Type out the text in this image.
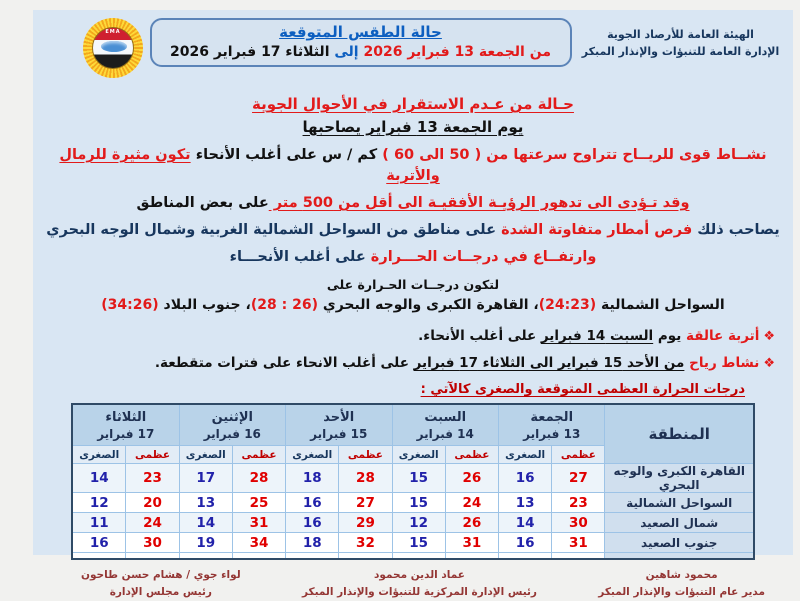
الهيئة العامة للأرصاد الجوية
الإدارة العامة للتنبؤات والإنذار المبكر
حالة الطقس المتوقعة
من الجمعة 13 فبراير 2026 إلى الثلاثاء 17 فبراير 2026
EMA
حـالة من عـدم الاستقرار في الأحوال الجوية
يوم الجمعة 13 فبراير يصاحبها
نشــاط قوى للريــاح تتراوح سرعتها من ( 50 الى 60 ) كم / س على أغلب الأنحاء تكون مثيرة للرمال والأتربة
وقد تـؤدى الى تدهور الرؤيـة الأفقيـة الى أقل من 500 متر على بعض المناطق
يصاحب ذلك فرص أمطار متفاوتة الشدة على مناطق من السواحل الشمالية الغربية وشمال الوجه البحري
وارتفــاع في درجــات الحـــرارة على أغلب الأنحـــاء
لتكون درجــات الحـرارة على
السواحل الشمالية (24:23)، القاهرة الكبرى والوجه البحري (26 : 28)، جنوب البلاد (34:26)
❖أتربة عالقة يوم السبت 14 فبراير على أغلب الأنحاء.
❖نشاط رياح من الأحد 15 فبراير الى الثلاثاء 17 فبراير على أغلب الانحاء على فترات متقطعة.
درجات الحرارة العظمى المتوقعة والصغرى كالآتي :
المنطقة	
الجمعة
13 فبراير

السبت
14 فبراير

الأحد
15 فبراير

الإثنين
16 فبراير

الثلاثاء
17 فبراير

	عظمى	الصغرى	عظمى	الصغرى	عظمى	الصغرى	عظمى	الصغرى	عظمى	الصغرى
القاهرة الكبرى والوجه البحري	27	16	26	15	28	18	28	17	23	14
السواحل الشمالية	23	13	24	15	27	16	25	13	20	12
شمال الصعيد	30	14	26	12	29	16	31	14	24	11
جنوب الصعيد	31	16	31	15	32	18	34	19	30	16

محمود شاهين
مدير عام التنبؤات والإنذار المبكر
عماد الدين محمود
رئيس الإدارة المركزية للتنبؤات والإنذار المبكر
لواء جوي / هشام حسن طاحون
رئيس مجلس الإدارة
